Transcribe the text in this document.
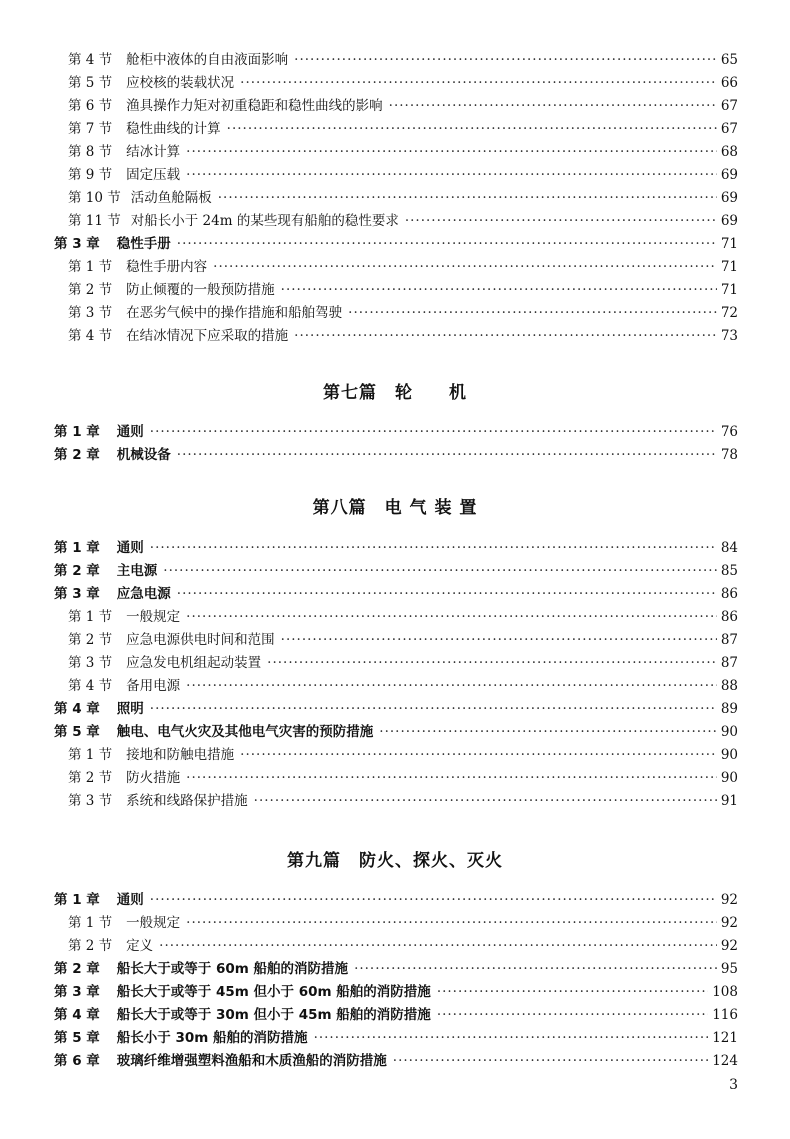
第 4 节 舱柜中液体的自由液面影响 ·····	65
第 5 节 应校核的装载状况 ·····	66
第 6 节 渔具操作力矩对初重稳距和稳性曲线的影响 ·····	67
第 7 节 稳性曲线的计算 ·····	67
第 8 节 结冰计算 ·····	68
第 9 节 固定压载 ·····	69
第 10 节 活动鱼舱隔板 ·····	69
第 11 节 对船长小于 24m 的某些现有船舶的稳性要求 ·····	69
第 3 章 稳性手册 ·····	71
第 1 节 稳性手册内容 ·····	71
第 2 节 防止倾覆的一般预防措施 ·····	71
第 3 节 在恶劣气候中的操作措施和船舶驾驶 ·····	72
第 4 节 在结冰情况下应采取的措施 ·····	73
第七篇　轮　　机
第 1 章 通则 ·····	76
第 2 章 机械设备 ·····	78
第八篇　电 气 装 置
第 1 章 通则 ·····	84
第 2 章 主电源 ·····	85
第 3 章 应急电源 ·····	86
第 1 节 一般规定 ·····	86
第 2 节 应急电源供电时间和范围 ·····	87
第 3 节 应急发电机组起动装置 ·····	87
第 4 节 备用电源 ·····	88
第 4 章 照明 ·····	89
第 5 章 触电、电气火灾及其他电气灾害的预防措施 ·····	90
第 1 节 接地和防触电措施 ·····	90
第 2 节 防火措施 ·····	90
第 3 节 系统和线路保护措施 ·····	91
第九篇　防火、探火、灭火
第 1 章 通则 ·····	92
第 1 节 一般规定 ·····	92
第 2 节 定义 ·····	92
第 2 章 船长大于或等于 60m 船舶的消防措施 ·····	95
第 3 章 船长大于或等于 45m 但小于 60m 船舶的消防措施 ·····	108
第 4 章 船长大于或等于 30m 但小于 45m 船舶的消防措施 ·····	116
第 5 章 船长小于 30m 船舶的消防措施 ·····	121
第 6 章 玻璃纤维增强塑料渔船和木质渔船的消防措施 ·····	124
3
